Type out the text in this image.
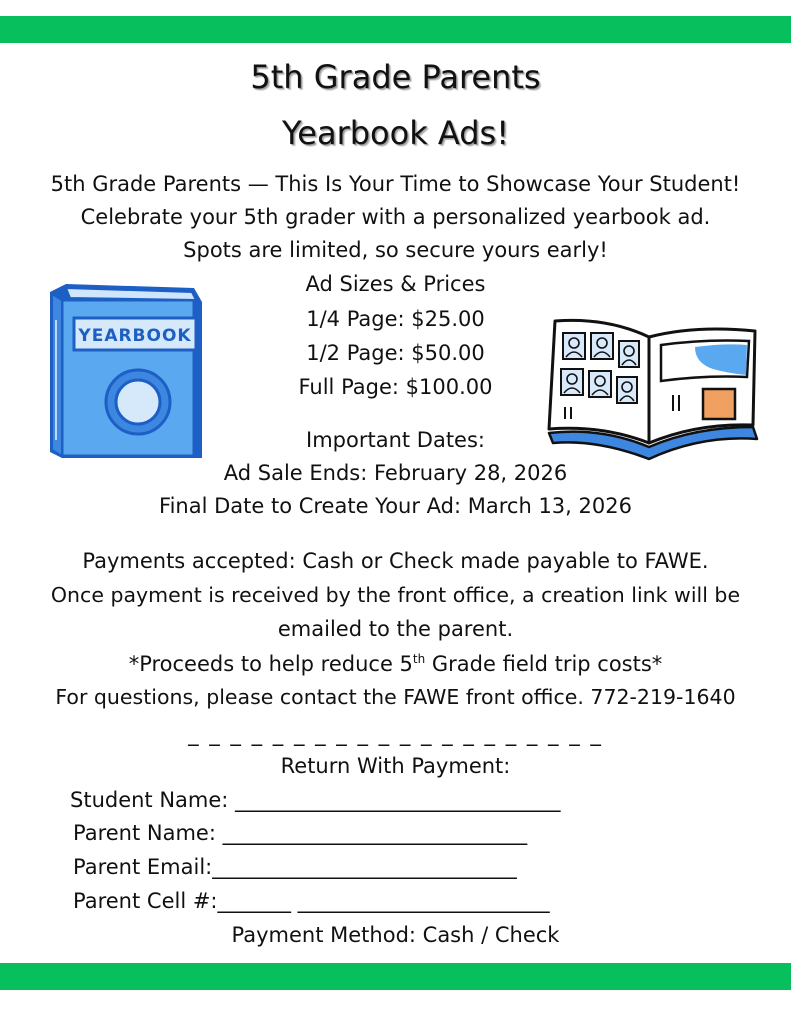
5th Grade Parents
Yearbook Ads!
5th Grade Parents — This Is Your Time to Showcase Your Student!
Celebrate your 5th grader with a personalized yearbook ad.
Spots are limited, so secure yours early!
Ad Sizes & Prices
1/4 Page: $25.00
1/2 Page: $50.00
Full Page: $100.00
Important Dates:
Ad Sale Ends: February 28, 2026
Final Date to Create Your Ad: March 13, 2026
Payments accepted: Cash or Check made payable to FAWE.
Once payment is received by the front office, a creation link will be
emailed to the parent.
*Proceeds to help reduce 5th Grade field trip costs*
For questions, please contact the FAWE front office. 772-219-1640
_ _ _ _ _ _ _ _ _ _ _ _ _ _ _ _ _ _ _ _
Return With Payment:
Student Name: _______________________________
Parent Name: _____________________________
Parent Email:_____________________________
Parent Cell #:_______ ________________________
Payment Method: Cash / Check
YEARBOOK
